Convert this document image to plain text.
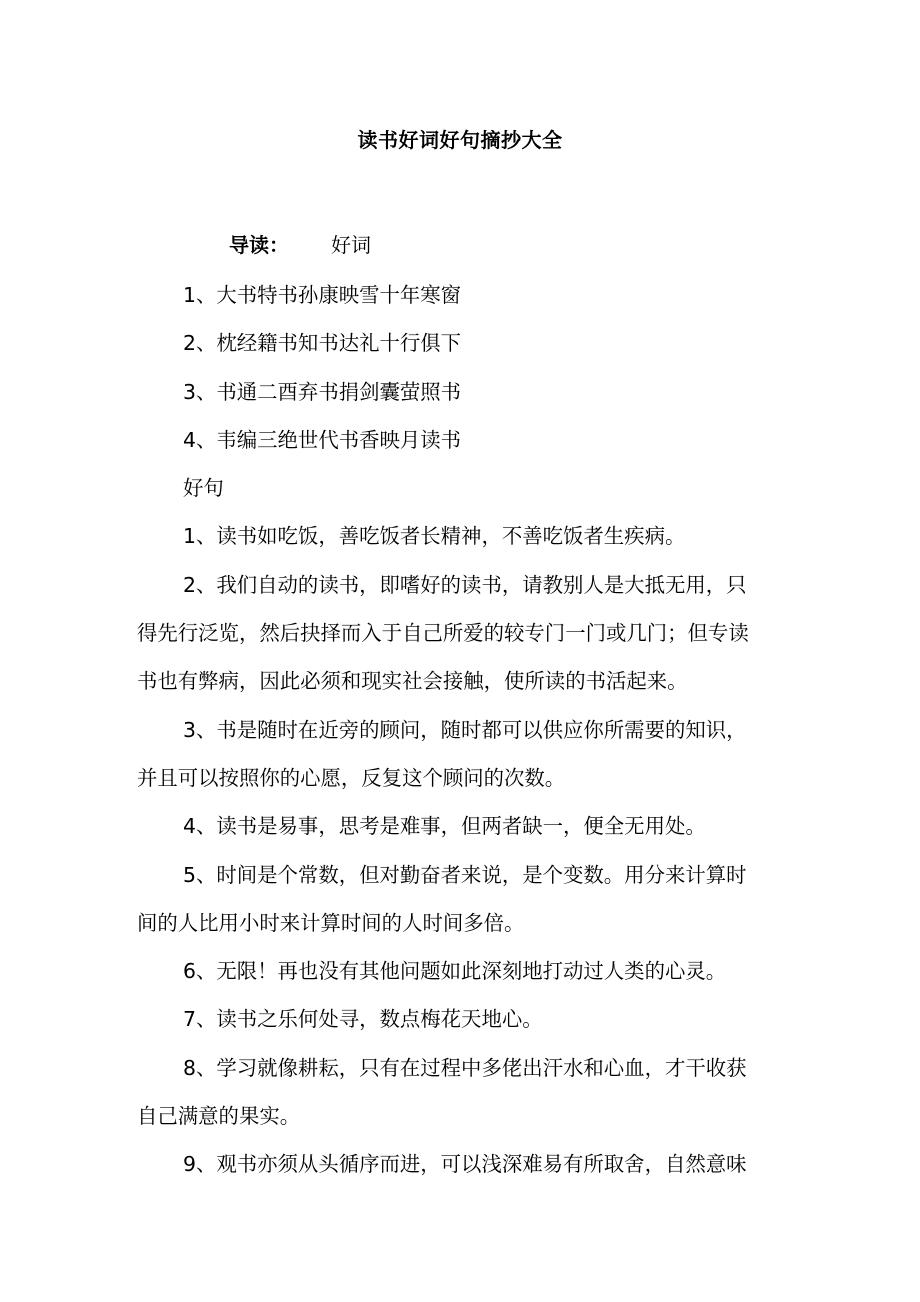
读书好词好句摘抄大全
导读： 好词
1、大书特书孙康映雪十年寒窗
2、枕经籍书知书达礼十行俱下
3、书通二酉弃书捐剑囊萤照书
4、韦编三绝世代书香映月读书
好句
1、读书如吃饭，善吃饭者长精神，不善吃饭者生疾病。
2、我们自动的读书，即嗜好的读书，请教别人是大抵无用，只
得先行泛览，然后抉择而入于自己所爱的较专门一门或几门；但专读
书也有弊病，因此必须和现实社会接触，使所读的书活起来。
3、书是随时在近旁的顾问，随时都可以供应你所需要的知识，
并且可以按照你的心愿，反复这个顾问的次数。
4、读书是易事，思考是难事，但两者缺一，便全无用处。
5、时间是个常数，但对勤奋者来说，是个变数。用分来计算时
间的人比用小时来计算时间的人时间多倍。
6、无限！再也没有其他问题如此深刻地打动过人类的心灵。
7、读书之乐何处寻，数点梅花天地心。
8、学习就像耕耘，只有在过程中多佬出汗水和心血，才干收获
自己满意的果实。
9、观书亦须从头循序而进，可以浅深难易有所取舍，自然意味
